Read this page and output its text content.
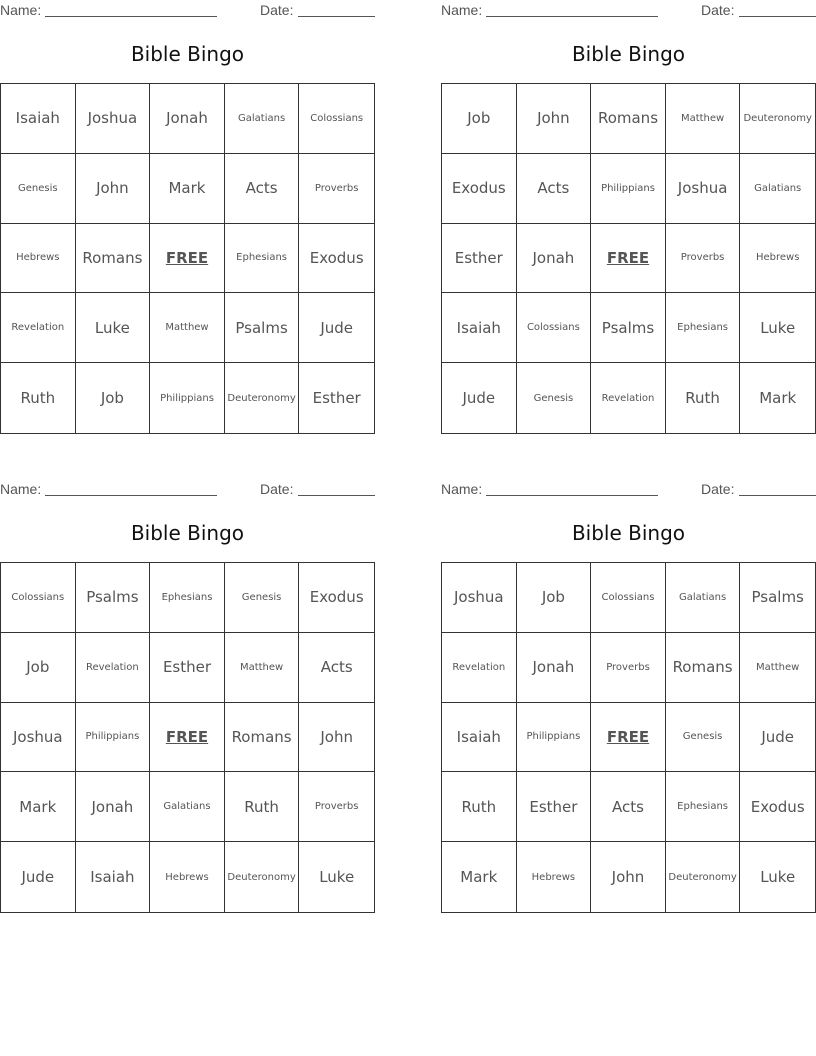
Name:	Date:
Bible Bingo
Isaiah	Joshua	Jonah	Galatians	Colossians
Genesis	John	Mark	Acts	Proverbs
Hebrews	Romans	FREE	Ephesians	Exodus
Revelation	Luke	Matthew	Psalms	Jude
Ruth	Job	Philippians	Deuteronomy	Esther
Name:	Date:
Bible Bingo
Job	John	Romans	Matthew	Deuteronomy
Exodus	Acts	Philippians	Joshua	Galatians
Esther	Jonah	FREE	Proverbs	Hebrews
Isaiah	Colossians	Psalms	Ephesians	Luke
Jude	Genesis	Revelation	Ruth	Mark
Name:	Date:
Bible Bingo
Colossians	Psalms	Ephesians	Genesis	Exodus
Job	Revelation	Esther	Matthew	Acts
Joshua	Philippians	FREE	Romans	John
Mark	Jonah	Galatians	Ruth	Proverbs
Jude	Isaiah	Hebrews	Deuteronomy	Luke
Name:	Date:
Bible Bingo
Joshua	Job	Colossians	Galatians	Psalms
Revelation	Jonah	Proverbs	Romans	Matthew
Isaiah	Philippians	FREE	Genesis	Jude
Ruth	Esther	Acts	Ephesians	Exodus
Mark	Hebrews	John	Deuteronomy	Luke
